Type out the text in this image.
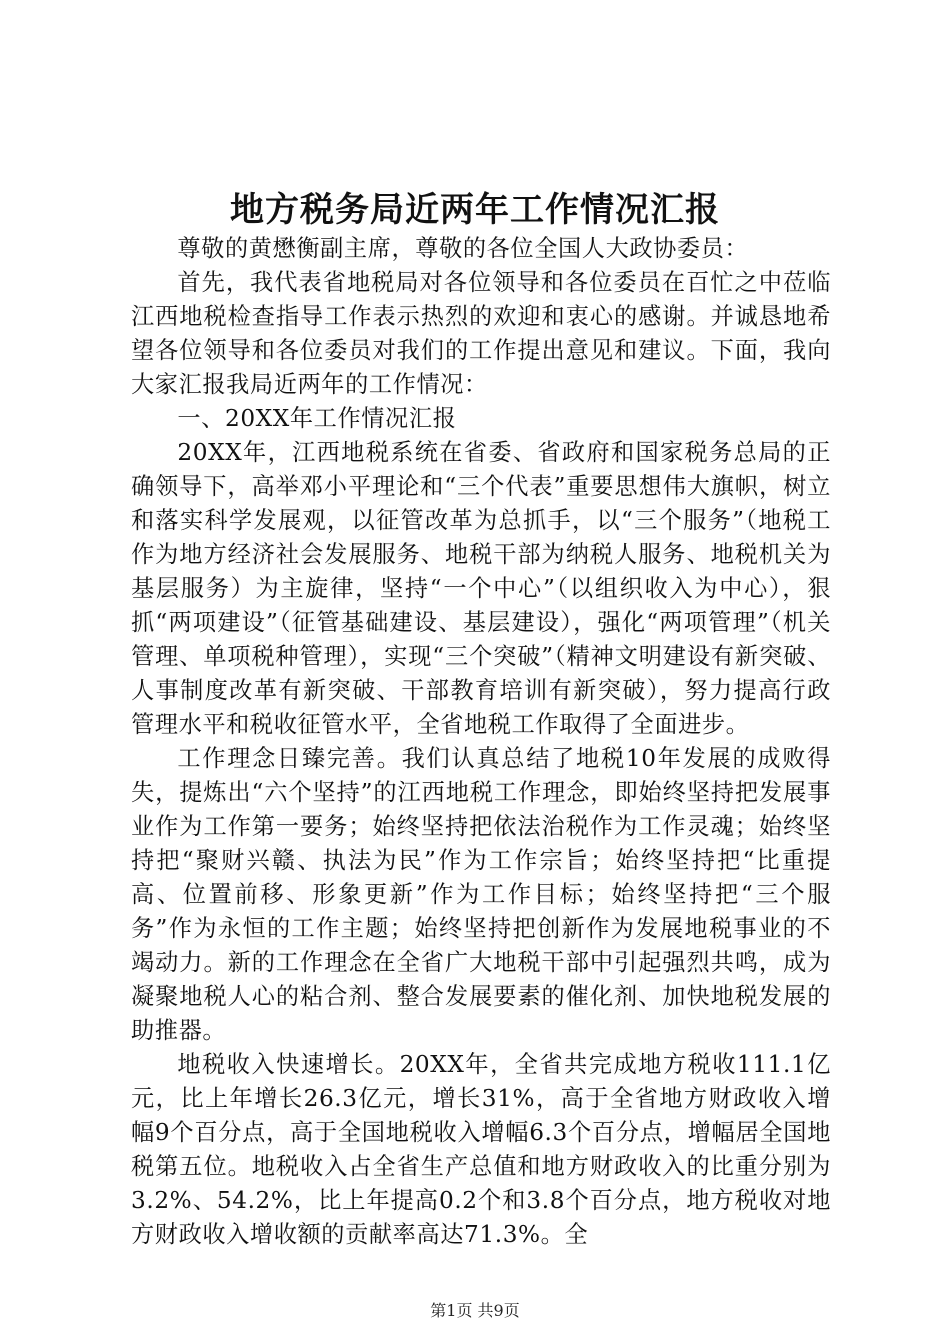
地方税务局近两年工作情况汇报

尊敬的黄懋衡副主席，尊敬的各位全国人大政协委员：

首先，我代表省地税局对各位领导和各位委员在百忙之中莅临江西地税检查指导工作表示热烈的欢迎和衷心的感谢。并诚恳地希望各位领导和各位委员对我们的工作提出意见和建议。下面，我向大家汇报我局近两年的工作情况：

一、20XX年工作情况汇报

20XX年，江西地税系统在省委、省政府和国家税务总局的正确领导下，高举邓小平理论和“三个代表”重要思想伟大旗帜，树立和落实科学发展观，以征管改革为总抓手，以“三个服务”（地税工作为地方经济社会发展服务、地税干部为纳税人服务、地税机关为基层服务）为主旋律，坚持“一个中心”（以组织收入为中心），狠抓“两项建设”（征管基础建设、基层建设），强化“两项管理”（机关管理、单项税种管理），实现“三个突破”（精神文明建设有新突破、人事制度改革有新突破、干部教育培训有新突破），努力提高行政管理水平和税收征管水平，全省地税工作取得了全面进步。

工作理念日臻完善。我们认真总结了地税10年发展的成败得失，提炼出“六个坚持”的江西地税工作理念，即始终坚持把发展事业作为工作第一要务；始终坚持把依法治税作为工作灵魂；始终坚持把“聚财兴赣、执法为民”作为工作宗旨；始终坚持把“比重提高、位置前移、形象更新”作为工作目标；始终坚持把“三个服务”作为永恒的工作主题；始终坚持把创新作为发展地税事业的不竭动力。新的工作理念在全省广大地税干部中引起强烈共鸣，成为凝聚地税人心的粘合剂、整合发展要素的催化剂、加快地税发展的助推器。

地税收入快速增长。20XX年，全省共完成地方税收111.1亿元，比上年增长26.3亿元，增长31%，高于全省地方财政收入增幅9个百分点，高于全国地税收入增幅6.3个百分点，增幅居全国地税第五位。地税收入占全省生产总值和地方财政收入的比重分别为3.2%、54.2%，比上年提高0.2个和3.8个百分点，地方税收对地方财政收入增收额的贡献率高达71.3%。全

第1页 共9页
